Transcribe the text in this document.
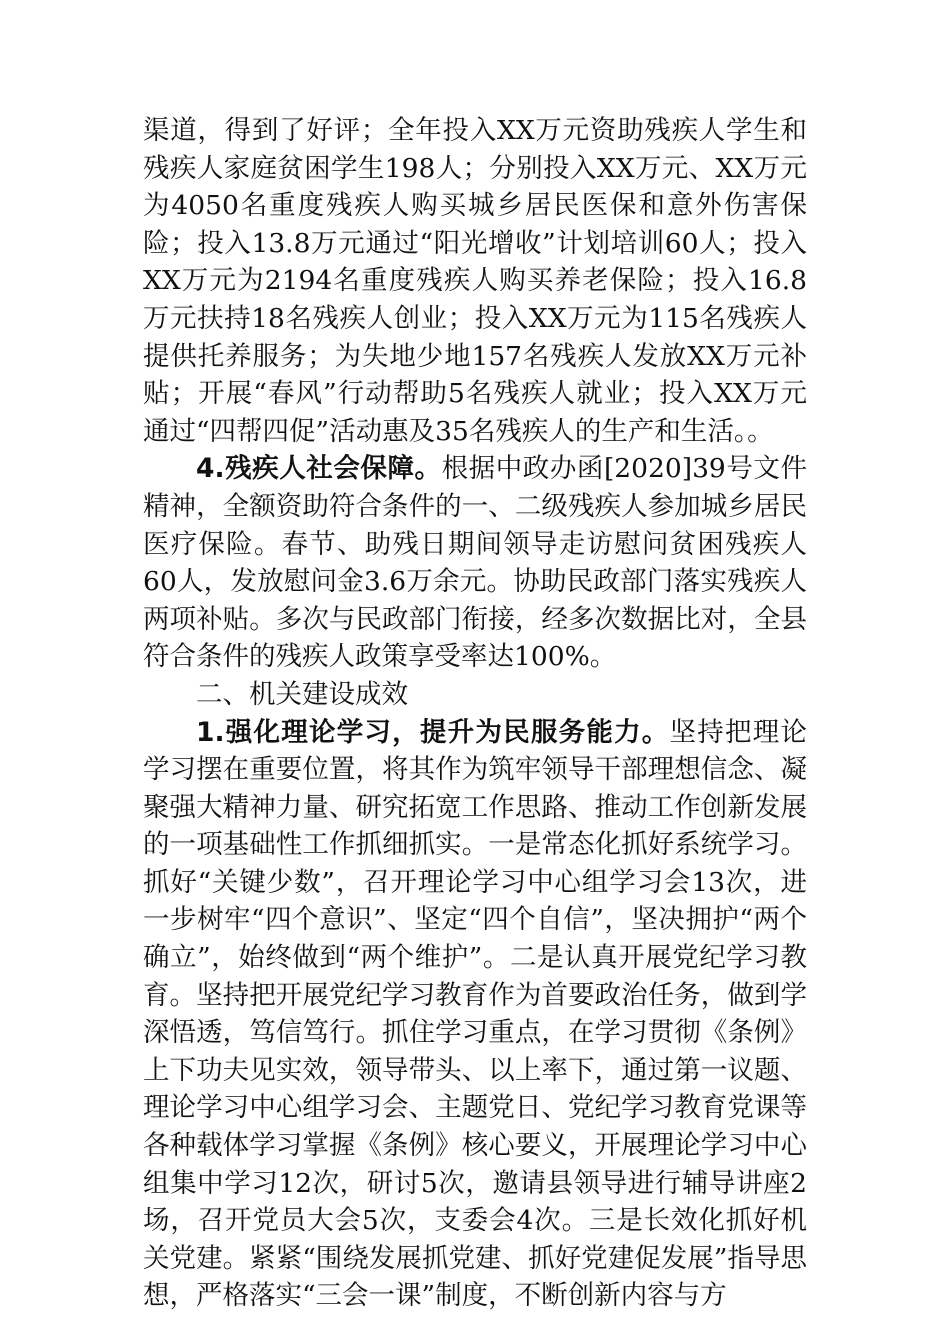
渠道，得到了好评；全年投入XX万元资助残疾人学生和残疾人家庭贫困学生198人；分别投入XX万元、XX万元为4050名重度残疾人购买城乡居民医保和意外伤害保险；投入13.8万元通过“阳光增收”计划培训60人；投入XX万元为2194名重度残疾人购买养老保险；投入16.8万元扶持18名残疾人创业；投入XX万元为115名残疾人提供托养服务；为失地少地157名残疾人发放XX万元补贴；开展“春风”行动帮助5名残疾人就业；投入XX万元通过“四帮四促”活动惠及35名残疾人的生产和生活。。

4.残疾人社会保障。根据中政办函[2020]39号文件精神，全额资助符合条件的一、二级残疾人参加城乡居民医疗保险。春节、助残日期间领导走访慰问贫困残疾人60人，发放慰问金3.6万余元。协助民政部门落实残疾人两项补贴。多次与民政部门衔接，经多次数据比对，全县符合条件的残疾人政策享受率达100%。

二、机关建设成效

1.强化理论学习，提升为民服务能力。坚持把理论学习摆在重要位置，将其作为筑牢领导干部理想信念、凝聚强大精神力量、研究拓宽工作思路、推动工作创新发展的一项基础性工作抓细抓实。一是常态化抓好系统学习。抓好“关键少数”，召开理论学习中心组学习会13次，进一步树牢“四个意识”、坚定“四个自信”，坚决拥护“两个确立”，始终做到“两个维护”。二是认真开展党纪学习教育。坚持把开展党纪学习教育作为首要政治任务，做到学深悟透，笃信笃行。抓住学习重点，在学习贯彻《条例》上下功夫见实效，领导带头、以上率下，通过第一议题、理论学习中心组学习会、主题党日、党纪学习教育党课等各种载体学习掌握《条例》核心要义，开展理论学习中心组集中学习12次，研讨5次，邀请县领导进行辅导讲座2场，召开党员大会5次，支委会4次。三是长效化抓好机关党建。紧紧“围绕发展抓党建、抓好党建促发展”指导思想，严格落实“三会一课”制度，不断创新内容与方
